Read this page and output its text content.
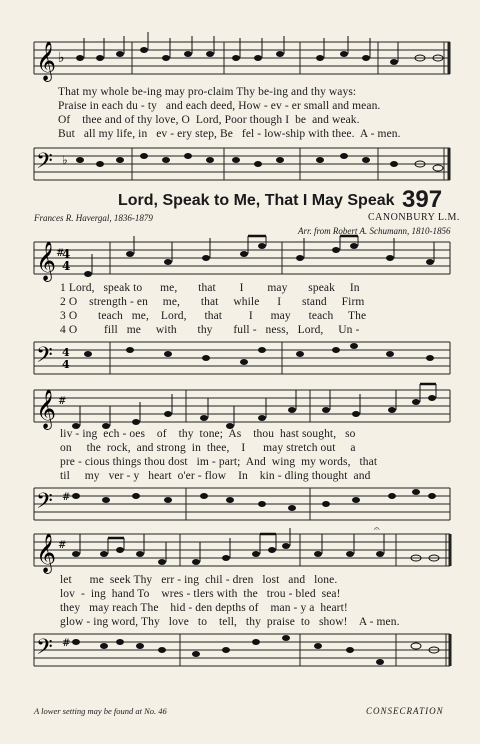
𝄞 ♭
That my whole be-ing may pro-claim Thy be-ing and thy ways:
Praise in each du - ty   and each deed, How - ev - er small and mean.
Of    thee and of thy love, O  Lord, Poor though I  be  and weak.
But   all my life, in   ev - ery step, Be   fel - low-ship with thee.  A - men.
𝄢 ♭
Lord, Speak to Me, That I May Speak 397
Frances R. Havergal, 1836-1879	CANONBURY L.M.
Arr. from Robert A. Schumann, 1810-1856
𝄞 #
4
4
1 Lord,   speak to      me,       that        I        may       speak     In
2 O    strength - en     me,       that     while      I       stand     Firm
3 O       teach   me,    Lord,      that         I      may      teach     The
4 O         fill   me     with       thy       full -   ness,   Lord,     Un -
𝄢 4
4
𝄞 #
liv - ing  ech - oes    of    thy  tone;  As    thou  hast sought,   so
on     the  rock,  and strong  in  thee,    I      may stretch out     a
pre - cious things thou dost   im - part;  And  wing  my words,   that
til     my   ver - y   heart  o'er - flow    In    kin - dling thought  and
𝄢 #
𝄞 #
𝄐
let      me  seek Thy   err - ing  chil - dren   lost   and   lone.
lov  -  ing  hand To    wres - tlers with  the   trou - bled  sea!
they   may reach The    hid - den depths of    man - y a  heart!
glow - ing word, Thy   love   to    tell,   thy  praise  to   show!    A - men.
𝄢 #
A lower setting may be found at No. 46	CONSECRATION
